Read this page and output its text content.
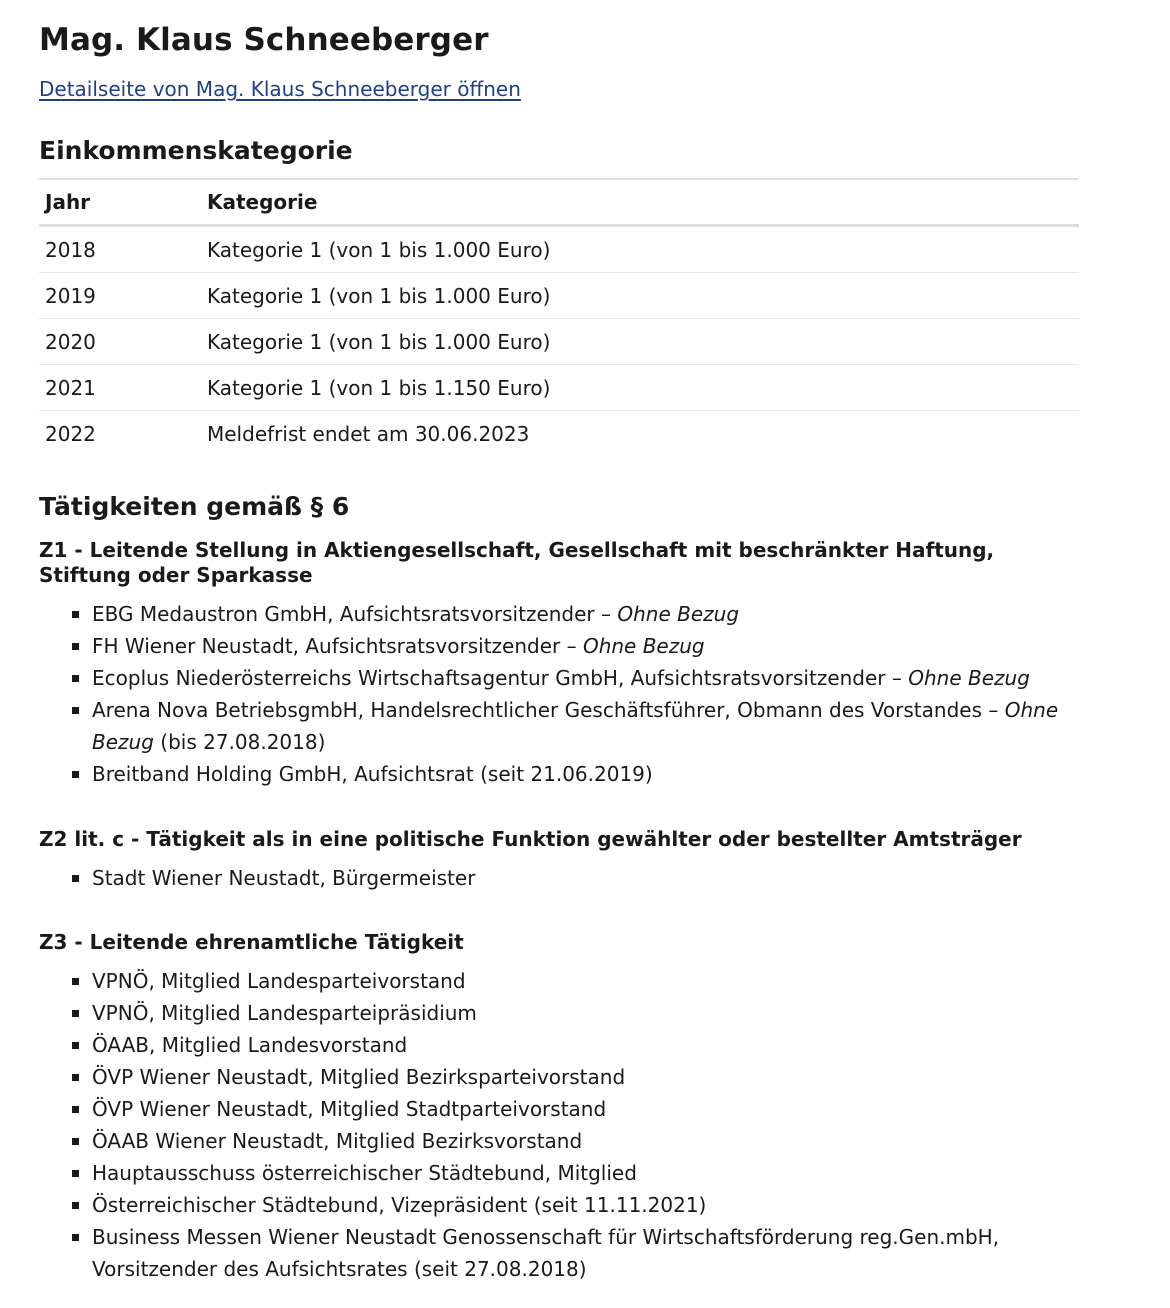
Mag. Klaus Schneeberger
Detailseite von Mag. Klaus Schneeberger öffnen
Einkommenskategorie
Jahr	Kategorie
2018	Kategorie 1 (von 1 bis 1.000 Euro)
2019	Kategorie 1 (von 1 bis 1.000 Euro)
2020	Kategorie 1 (von 1 bis 1.000 Euro)
2021	Kategorie 1 (von 1 bis 1.150 Euro)
2022	Meldefrist endet am 30.06.2023
Tätigkeiten gemäß § 6
Z1 - Leitende Stellung in Aktiengesellschaft, Gesellschaft mit beschränkter Haftung, Stiftung oder Sparkasse
EBG Medaustron GmbH, Aufsichtsratsvorsitzender – Ohne Bezug
FH Wiener Neustadt, Aufsichtsratsvorsitzender – Ohne Bezug
Ecoplus Niederösterreichs Wirtschaftsagentur GmbH, Aufsichtsratsvorsitzender – Ohne Bezug
Arena Nova BetriebsgmbH, Handelsrechtlicher Geschäftsführer, Obmann des Vorstandes – Ohne Bezug (bis 27.08.2018)
Breitband Holding GmbH, Aufsichtsrat (seit 21.06.2019)
Z2 lit. c - Tätigkeit als in eine politische Funktion gewählter oder bestellter Amtsträger
Stadt Wiener Neustadt, Bürgermeister
Z3 - Leitende ehrenamtliche Tätigkeit
VPNÖ, Mitglied Landesparteivorstand
VPNÖ, Mitglied Landesparteipräsidium
ÖAAB, Mitglied Landesvorstand
ÖVP Wiener Neustadt, Mitglied Bezirksparteivorstand
ÖVP Wiener Neustadt, Mitglied Stadtparteivorstand
ÖAAB Wiener Neustadt, Mitglied Bezirksvorstand
Hauptausschuss österreichischer Städtebund, Mitglied
Österreichischer Städtebund, Vizepräsident (seit 11.11.2021)
Business Messen Wiener Neustadt Genossenschaft für Wirtschaftsförderung reg.Gen.mbH, Vorsitzender des Aufsichtsrates (seit 27.08.2018)
